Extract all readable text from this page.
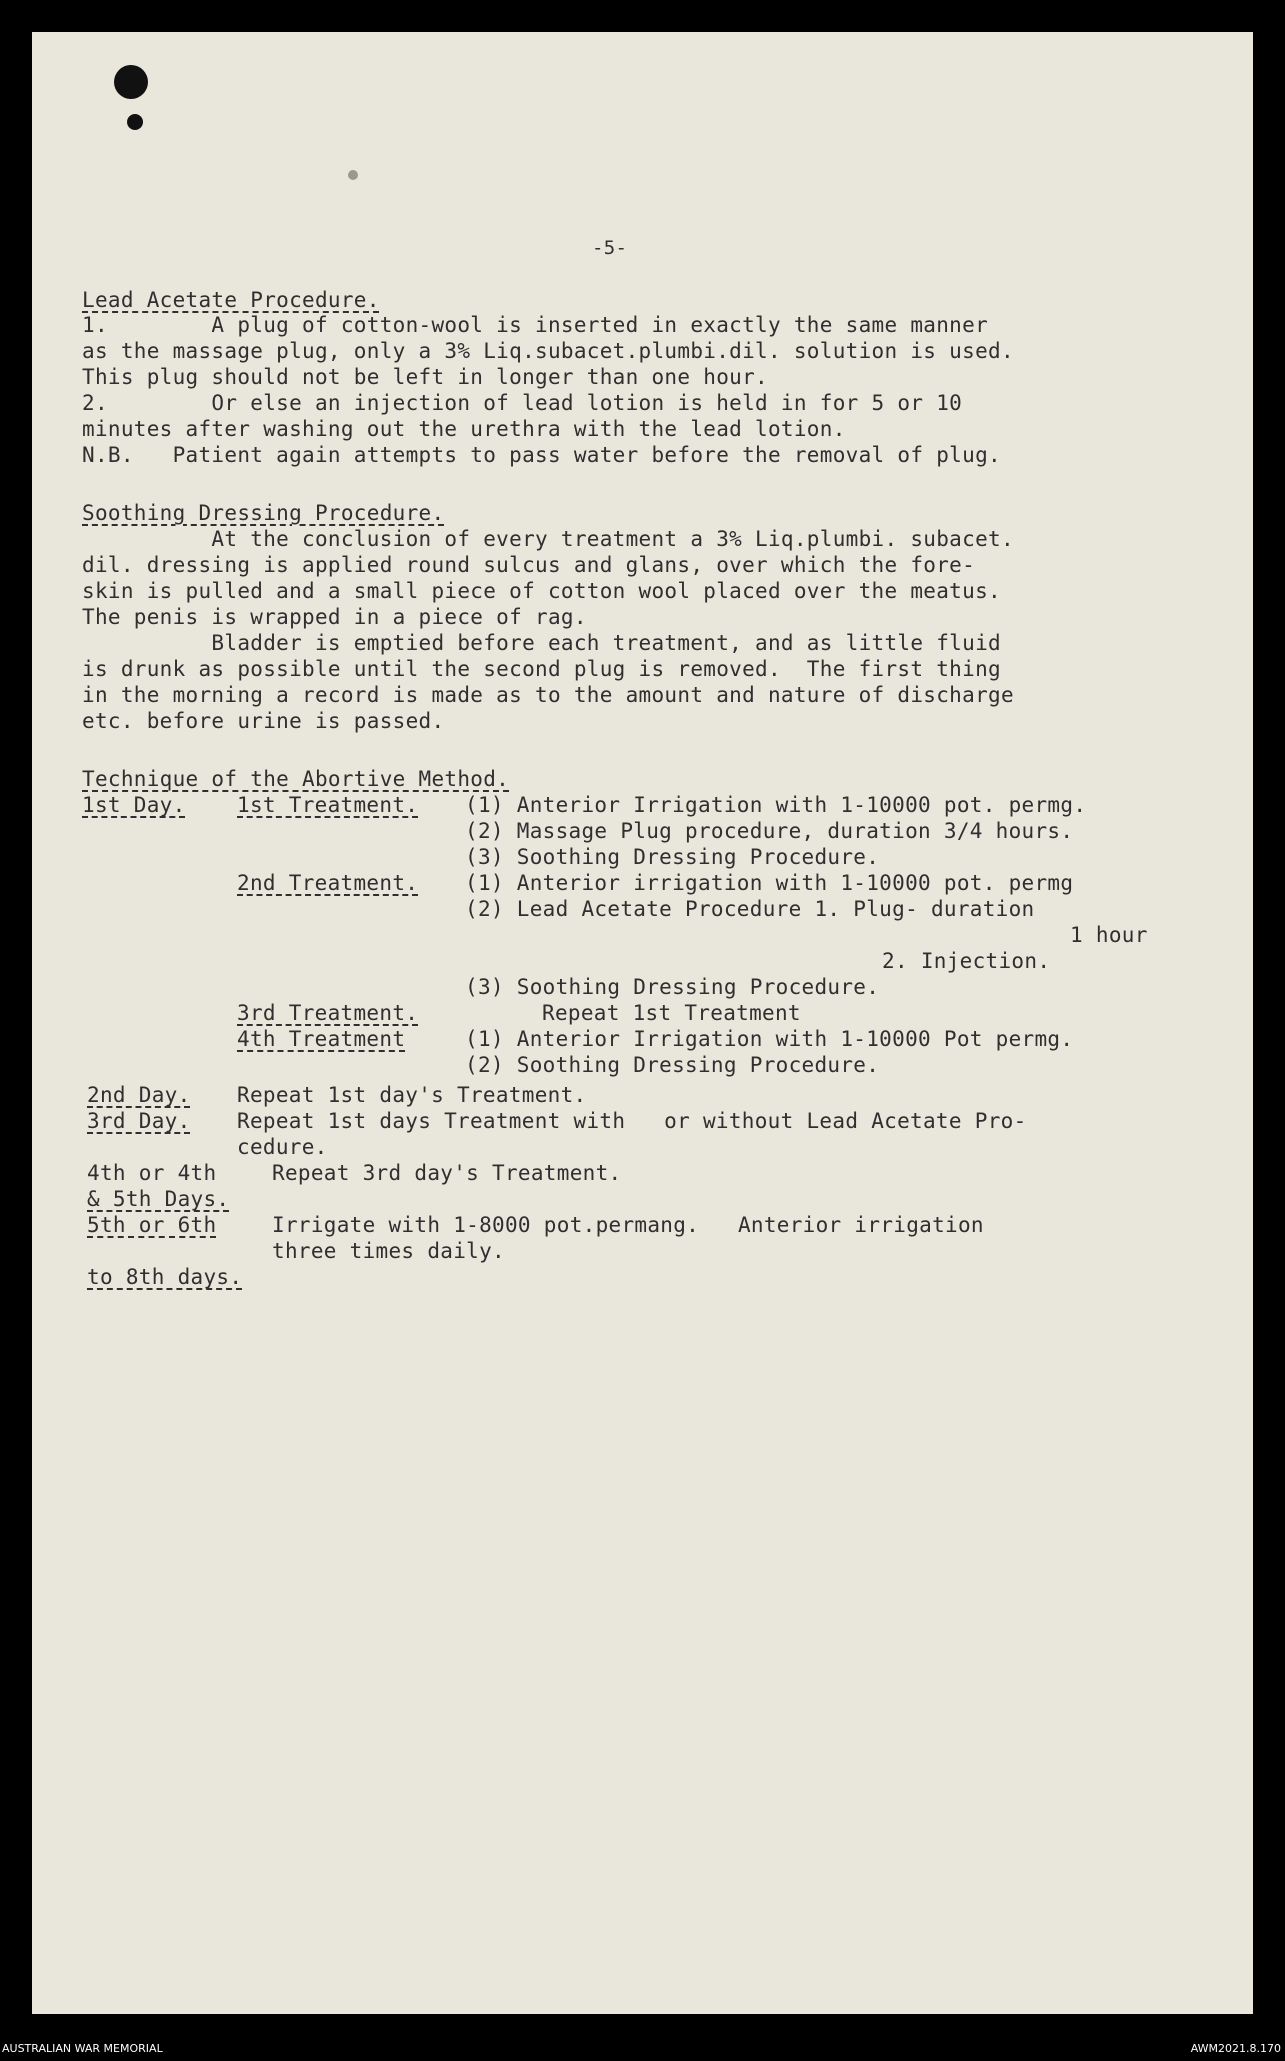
-5-
Lead Acetate Procedure.
1.        A plug of cotton-wool is inserted in exactly the same manner
as the massage plug, only a 3% Liq.subacet.plumbi.dil. solution is used.
This plug should not be left in longer than one hour.
2.        Or else an injection of lead lotion is held in for 5 or 10
minutes after washing out the urethra with the lead lotion.
N.B.   Patient again attempts to pass water before the removal of plug.
Soothing Dressing Procedure.
At the conclusion of every treatment a 3% Liq.plumbi. subacet.
dil. dressing is applied round sulcus and glans, over which the fore-
skin is pulled and a small piece of cotton wool placed over the meatus.
The penis is wrapped in a piece of rag.
Bladder is emptied before each treatment, and as little fluid
is drunk as possible until the second plug is removed.  The first thing
in the morning a record is made as to the amount and nature of discharge
etc. before urine is passed.
Technique of the Abortive Method.
1st Day. 1st Treatment. (1) Anterior Irrigation with 1-10000 pot. permg.
(2) Massage Plug procedure, duration 3/4 hours.
(3) Soothing Dressing Procedure.
2nd Treatment. (1) Anterior irrigation with 1-10000 pot. permg
(2) Lead Acetate Procedure 1. Plug- duration
1 hour
2. Injection.
(3) Soothing Dressing Procedure.
3rd Treatment.	Repeat 1st Treatment
4th Treatment	(1) Anterior Irrigation with 1-10000 Pot permg.
(2) Soothing Dressing Procedure.
2nd Day. Repeat 1st day's Treatment.
3rd Day. Repeat 1st days Treatment with   or without Lead Acetate Pro-
cedure.
4th or 4th	Repeat 3rd day's Treatment.
& 5th Days.
5th or 6th	Irrigate with 1-8000 pot.permang.   Anterior irrigation
three times daily.
to 8th days.
AUSTRALIAN WAR MEMORIAL	AWM2021.8.170
